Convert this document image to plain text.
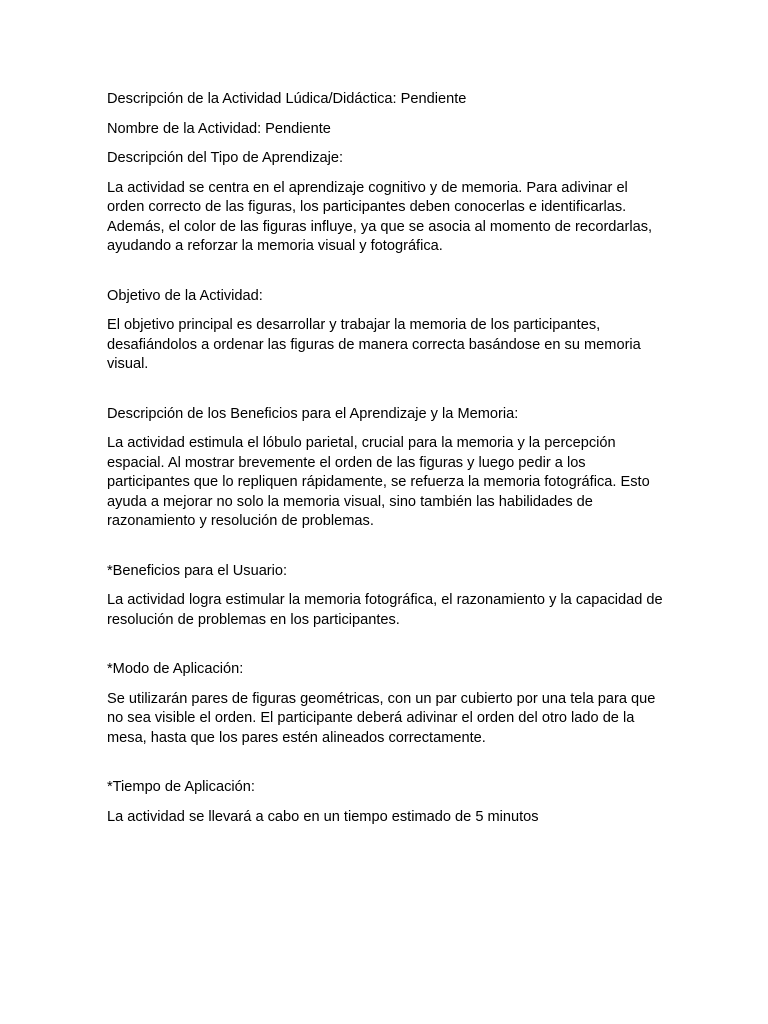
Descripción de la Actividad Lúdica/Didáctica: Pendiente

Nombre de la Actividad: Pendiente

Descripción del Tipo de Aprendizaje:

La actividad se centra en el aprendizaje cognitivo y de memoria. Para adivinar el orden correcto de las figuras, los participantes deben conocerlas e identificarlas. Además, el color de las figuras influye, ya que se asocia al momento de recordarlas, ayudando a reforzar la memoria visual y fotográfica.

Objetivo de la Actividad:

El objetivo principal es desarrollar y trabajar la memoria de los participantes, desafiándolos a ordenar las figuras de manera correcta basándose en su memoria visual.

Descripción de los Beneficios para el Aprendizaje y la Memoria:

La actividad estimula el lóbulo parietal, crucial para la memoria y la percepción espacial. Al mostrar brevemente el orden de las figuras y luego pedir a los participantes que lo repliquen rápidamente, se refuerza la memoria fotográfica. Esto ayuda a mejorar no solo la memoria visual, sino también las habilidades de razonamiento y resolución de problemas.

*Beneficios para el Usuario:

La actividad logra estimular la memoria fotográfica, el razonamiento y la capacidad de resolución de problemas en los participantes.

*Modo de Aplicación:

Se utilizarán pares de figuras geométricas, con un par cubierto por una tela para que no sea visible el orden. El participante deberá adivinar el orden del otro lado de la mesa, hasta que los pares estén alineados correctamente.

*Tiempo de Aplicación:

La actividad se llevará a cabo en un tiempo estimado de 5 minutos
